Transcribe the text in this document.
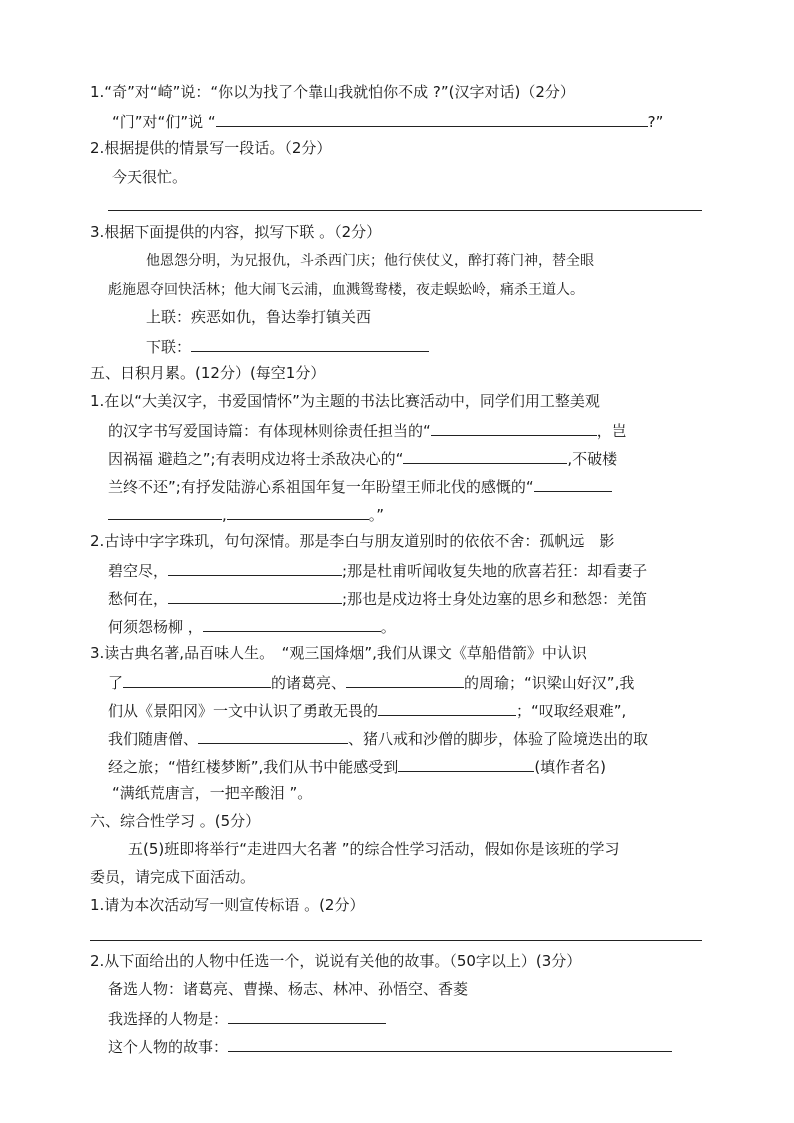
1.“奇”对“崎”说：“你以为找了个靠山我就怕你不成 ?”(汉字对话)（2分）
“门”对“们”说 “	?”
2.根据提供的情景写一段话。（2分）
今天很忙。
3.根据下面提供的内容，拟写下联 。（2分）
他恩怨分明，为兄报仇，斗杀西门庆；他行侠仗义，醉打蒋门神，替全眼
彪施恩夺回快活林；他大闹飞云浦，血溅鸳鸯楼，夜走蜈蚣岭，痛杀王道人。
上联：疾恶如仇，鲁达拳打镇关西
下联：
五、日积月累。(12分）(每空1分）
1.在以“大美汉字，书爱国情怀”为主题的书法比赛活动中，同学们用工整美观
的汉字书写爱国诗篇：有体现林则徐责任担当的“	，岂
因祸福 避趋之”;有表明戍边将士杀敌决心的“	,不破楼
兰终不还”;有抒发陆游心系祖国年复一年盼望王师北伐的感慨的“
,	。”
2.古诗中字字珠玑，句句深情。那是李白与朋友道别时的依依不舍：孤帆远　影
碧空尽，	;那是杜甫听闻收复失地的欣喜若狂：却看妻子
愁何在，	;那也是戍边将士身处边塞的思乡和愁怨：羌笛
何须怨杨柳 ，	。
3.读古典名著,品百味人生。　“观三国烽烟”,我们从课文《草船借箭》中认识
了	的诸葛亮、	的周瑜；“识梁山好汉”,我
们从《景阳冈》一文中认识了勇敢无畏的	；“叹取经艰难”,
我们随唐僧、	、猪八戒和沙僧的脚步，体验了险境迭出的取
经之旅；“惜红楼梦断”,我们从书中能感受到	(填作者名)
“满纸荒唐言，一把辛酸泪 ”。
六、综合性学习 。(5分）
五(5)班即将举行“走进四大名著 ”的综合性学习活动，假如你是该班的学习
委员，请完成下面活动。
1.请为本次活动写一则宣传标语 。(2分）
2.从下面给出的人物中任选一个，说说有关他的故事。（50字以上）(3分）
备选人物：诸葛亮、曹操、杨志、林冲、孙悟空、香菱
我选择的人物是：
这个人物的故事：
